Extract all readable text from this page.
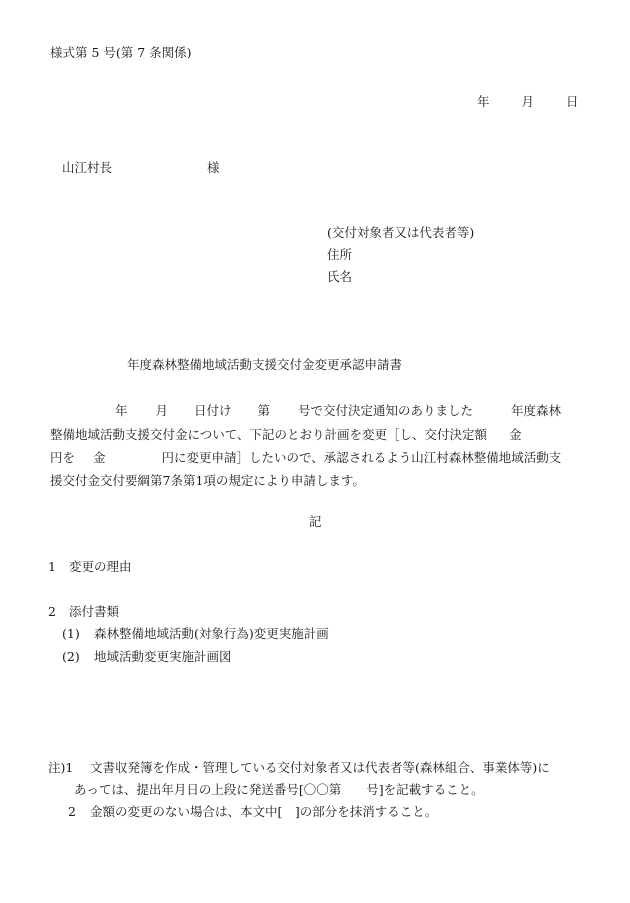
様式第 5 号(第 7 条関係)
年	月	日
山江村長	様
(交付対象者又は代表者等)
住所
氏名
年度森林整備地域活動支援交付金変更承認申請書
年 月 日付け 第 号で交付決定通知のありました	年度森林
整備地域活動支援交付金について、下記のとおり計画を変更［し、交付決定額 金
円を 金	円に変更申請］したいので、承認されるよう山江村森林整備地域活動支
援交付金交付要綱第7条第1項の規定により申請します。
記
1 変更の理由
2 添付書類
(1) 森林整備地域活動(対象行為)変更実施計画
(2) 地域活動変更実施計画図
注)1 文書収発簿を作成・管理している交付対象者又は代表者等(森林組合、事業体等)に
あっては、提出年月日の上段に発送番号[〇〇第　　号]を記載すること。
2 金額の変更のない場合は、本文中[　]の部分を抹消すること。
